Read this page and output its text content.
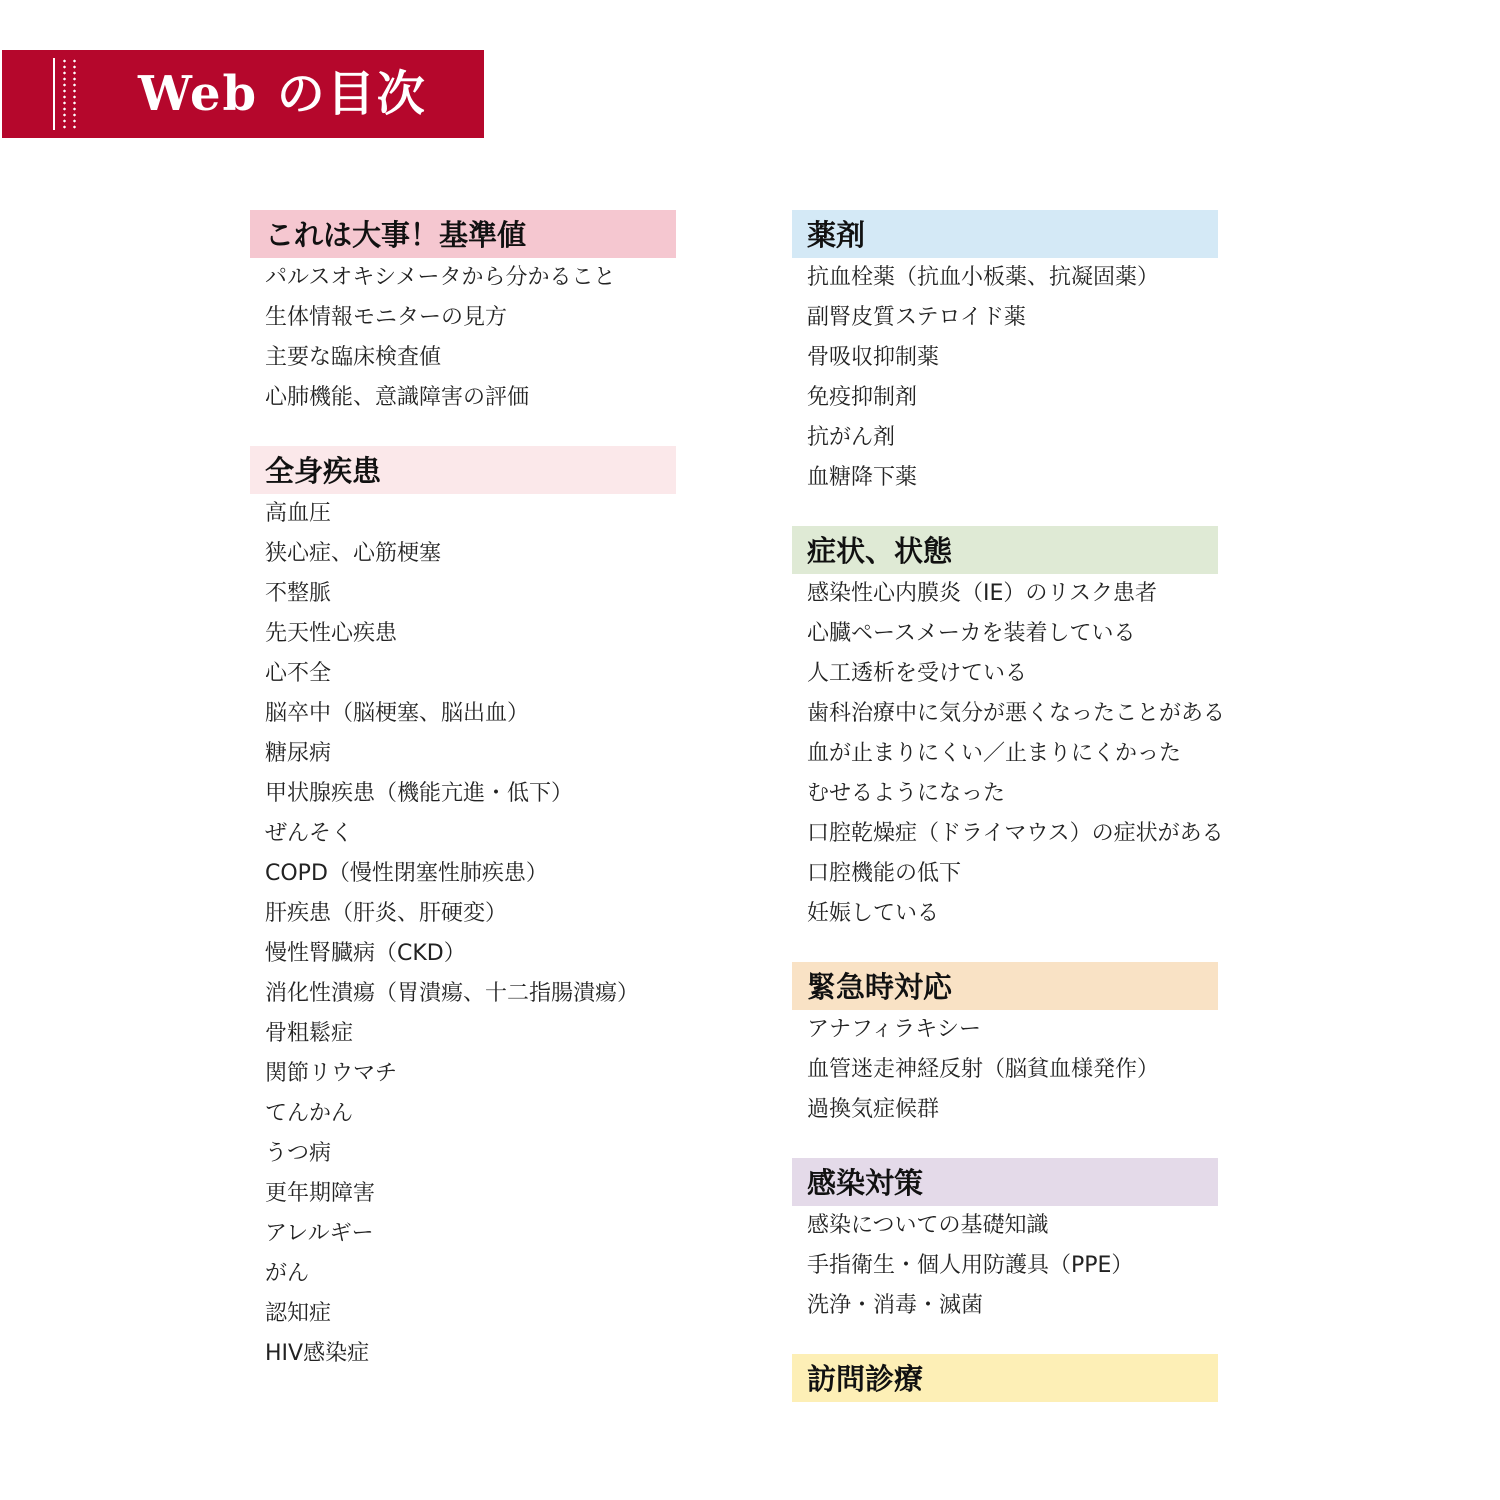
Web の目次
これは大事！基準値
パルスオキシメータから分かること
生体情報モニターの見方
主要な臨床検査値
心肺機能、意識障害の評価
全身疾患
高血圧
狭心症、心筋梗塞
不整脈
先天性心疾患
心不全
脳卒中（脳梗塞、脳出血）
糖尿病
甲状腺疾患（機能亢進・低下）
ぜんそく
COPD（慢性閉塞性肺疾患）
肝疾患（肝炎、肝硬変）
慢性腎臓病（CKD）
消化性潰瘍（胃潰瘍、十二指腸潰瘍）
骨粗鬆症
関節リウマチ
てんかん
うつ病
更年期障害
アレルギー
がん
認知症
HIV感染症
薬剤
抗血栓薬（抗血小板薬、抗凝固薬）
副腎皮質ステロイド薬
骨吸収抑制薬
免疫抑制剤
抗がん剤
血糖降下薬
症状、状態
感染性心内膜炎（IE）のリスク患者
心臓ペースメーカを装着している
人工透析を受けている
歯科治療中に気分が悪くなったことがある
血が止まりにくい／止まりにくかった
むせるようになった
口腔乾燥症（ドライマウス）の症状がある
口腔機能の低下
妊娠している
緊急時対応
アナフィラキシー
血管迷走神経反射（脳貧血様発作）
過換気症候群
感染対策
感染についての基礎知識
手指衛生・個人用防護具（PPE）
洗浄・消毒・滅菌
訪問診療
